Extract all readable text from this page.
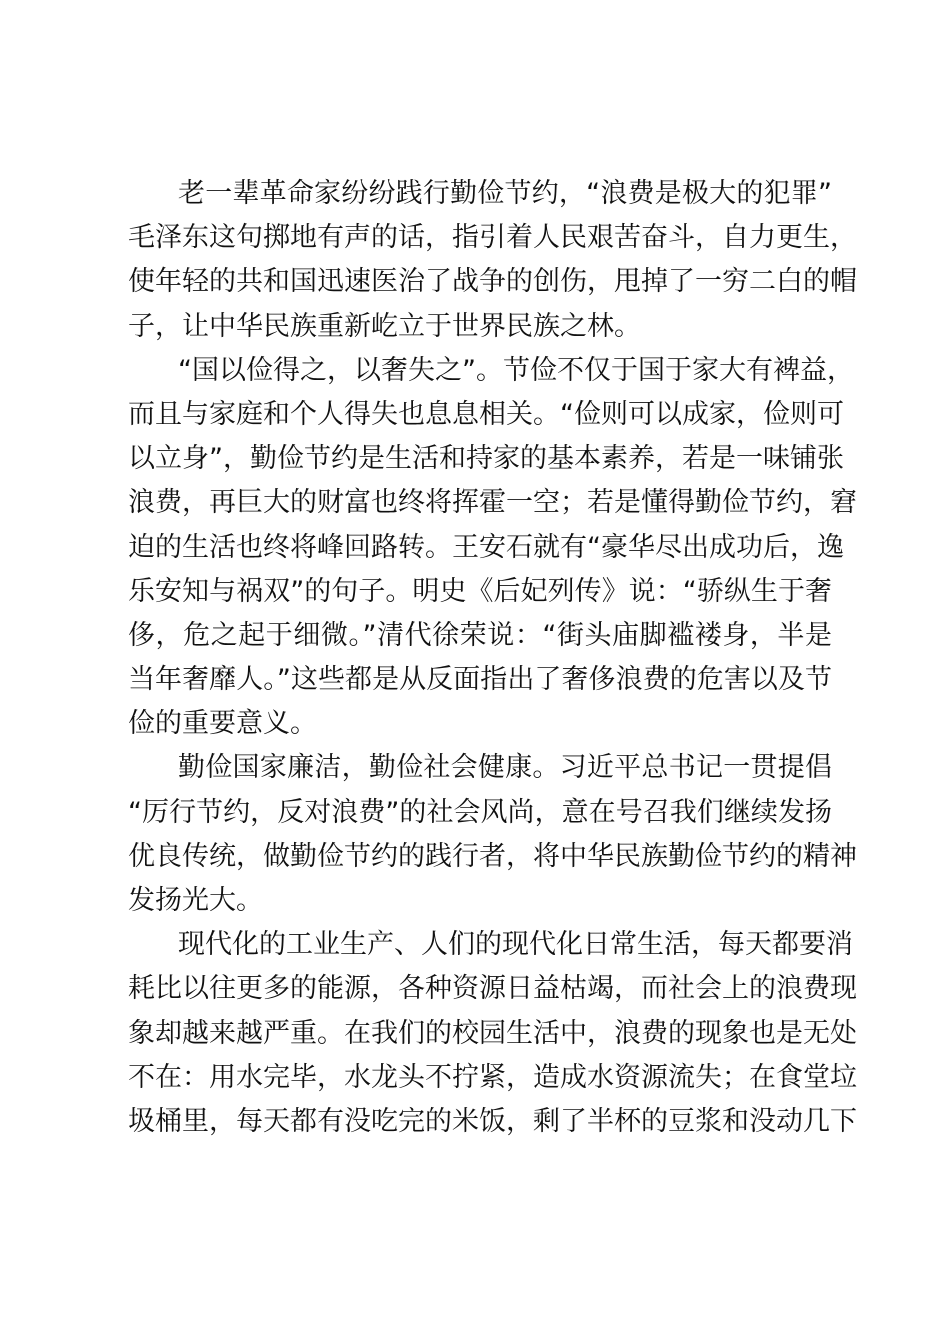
老一辈革命家纷纷践行勤俭节约，“浪费是极大的犯罪”
毛泽东这句掷地有声的话，指引着人民艰苦奋斗，自力更生，
使年轻的共和国迅速医治了战争的创伤，甩掉了一穷二白的帽
子，让中华民族重新屹立于世界民族之林。
“国以俭得之，以奢失之”。节俭不仅于国于家大有裨益，
而且与家庭和个人得失也息息相关。“俭则可以成家，俭则可
以立身”，勤俭节约是生活和持家的基本素养，若是一味铺张
浪费，再巨大的财富也终将挥霍一空；若是懂得勤俭节约，窘
迫的生活也终将峰回路转。王安石就有“豪华尽出成功后，逸
乐安知与祸双”的句子。明史《后妃列传》说：“骄纵生于奢
侈，危之起于细微。”清代徐荣说：“街头庙脚褴褛身，半是
当年奢靡人。”这些都是从反面指出了奢侈浪费的危害以及节
俭的重要意义。
勤俭国家廉洁，勤俭社会健康。习近平总书记一贯提倡
“厉行节约，反对浪费”的社会风尚，意在号召我们继续发扬
优良传统，做勤俭节约的践行者，将中华民族勤俭节约的精神
发扬光大。
现代化的工业生产、人们的现代化日常生活，每天都要消
耗比以往更多的能源，各种资源日益枯竭，而社会上的浪费现
象却越来越严重。在我们的校园生活中，浪费的现象也是无处
不在：用水完毕，水龙头不拧紧，造成水资源流失；在食堂垃
圾桶里，每天都有没吃完的米饭，剩了半杯的豆浆和没动几下
